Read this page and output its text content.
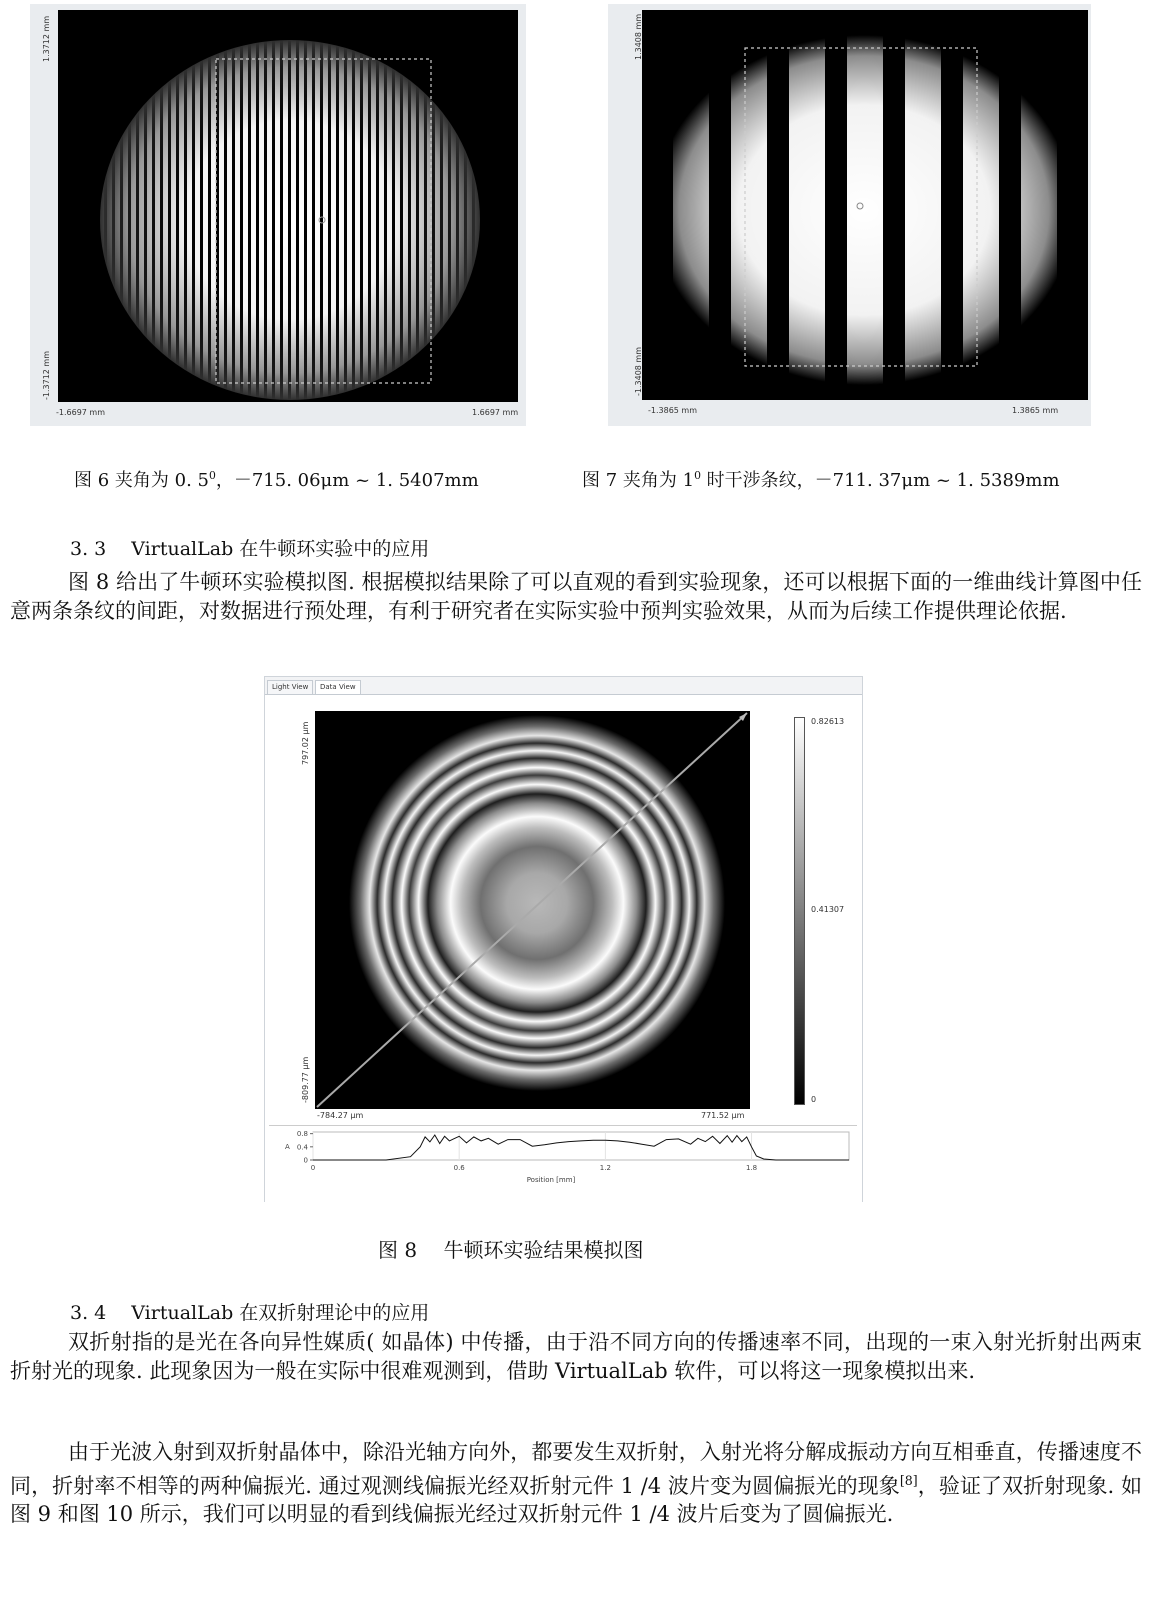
1.3712 mm
-1.3712 mm
-1.6697 mm	1.6697 mm
1.3408 mm
-1.3408 mm
-1.3865 mm	1.3865 mm
图 6 夹角为 0. $5^0$，－715. 06μm ~ 1. 5407mm	图 7 夹角为 $1^0$ 时干涉条纹，－711. 37μm ~ 1. 5389mm
3. 3　 VirtualLab 在牛顿环实验中的应用
图 8 给出了牛顿环实验模拟图. 根据模拟结果除了可以直观的看到实验现象，还可以根据下面的一维曲线计算图中任意两条条纹的间距，对数据进行预处理，有利于研究者在实际实验中预判实验效果，从而为后续工作提供理论依据.
Light View	Data View
797.02 μm
-809.77 μm
-784.27 μm	771.52 μm
0.82613
0.41307
0
0	0.6	1.2	1.8
0.8
0.4
0
A
Position [mm]
图 8　 牛顿环实验结果模拟图
3. 4　 VirtualLab 在双折射理论中的应用
双折射指的是光在各向异性媒质( 如晶体) 中传播，由于沿不同方向的传播速率不同，出现的一束入射光折射出两束折射光的现象. 此现象因为一般在实际中很难观测到，借助 VirtualLab 软件，可以将这一现象模拟出来.
由于光波入射到双折射晶体中，除沿光轴方向外，都要发生双折射，入射光将分解成振动方向互相垂直，传播速度不同，折射率不相等的两种偏振光. 通过观测线偏振光经双折射元件 1 /4 波片变为圆偏振光的现象[8]，验证了双折射现象. 如图 9 和图 10 所示，我们可以明显的看到线偏振光经过双折射元件 1 /4 波片后变为了圆偏振光.
